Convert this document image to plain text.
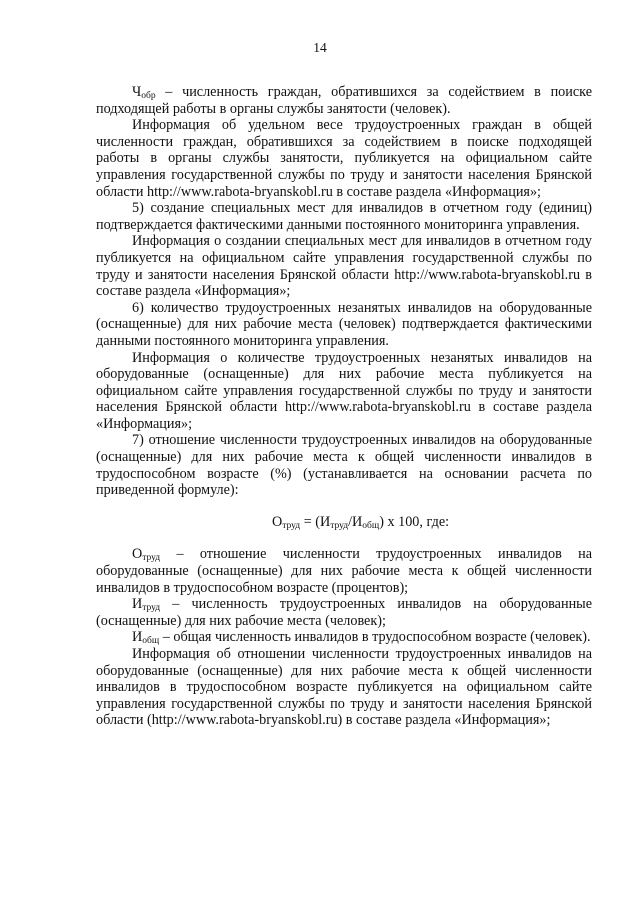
14

$Ч_{обр}$ – численность граждан, обратившихся за содействием в поиске подходящей работы в органы службы занятости (человек).

Информация об удельном весе трудоустроенных граждан в общей численности граждан, обратившихся за содействием в поиске подходящей работы в органы службы занятости, публикуется на официальном сайте управления государственной службы по труду и занятости населения Брянской области http://www.rabota-bryanskobl.ru в составе раздела «Информация»;

5) создание специальных мест для инвалидов в отчетном году (единиц) подтверждается фактическими данными постоянного мониторинга управления.

Информация о создании специальных мест для инвалидов в отчетном году публикуется на официальном сайте управления государственной службы по труду и занятости населения Брянской области http://www.rabota-bryanskobl.ru в составе раздела «Информация»;

6) количество трудоустроенных незанятых инвалидов на оборудованные (оснащенные) для них рабочие места (человек) подтверждается фактическими данными постоянного мониторинга управления.

Информация о количестве трудоустроенных незанятых инвалидов на оборудованные (оснащенные) для них рабочие места публикуется на официальном сайте управления государственной службы по труду и занятости населения Брянской области http://www.rabota-bryanskobl.ru в составе раздела «Информация»;

7) отношение численности трудоустроенных инвалидов на оборудованные (оснащенные) для них рабочие места к общей численности инвалидов в трудоспособном возрасте (%) (устанавливается на основании расчета по приведенной формуле):

$О_{труд} = (И_{труд}/И_{общ})$ x 100, где:

$О_{труд}$ – отношение численности трудоустроенных инвалидов на оборудованные (оснащенные) для них рабочие места к общей численности инвалидов в трудоспособном возрасте (процентов);

$И_{труд}$ – численность трудоустроенных инвалидов на оборудованные (оснащенные) для них рабочие места (человек);

$И_{общ}$ – общая численность инвалидов в трудоспособном возрасте (человек).

Информация об отношении численности трудоустроенных инвалидов на оборудованные (оснащенные) для них рабочие места к общей численности инвалидов в трудоспособном возрасте публикуется на официальном сайте управления государственной службы по труду и занятости населения Брянской области (http://www.rabota-bryanskobl.ru) в составе раздела «Информация»;
